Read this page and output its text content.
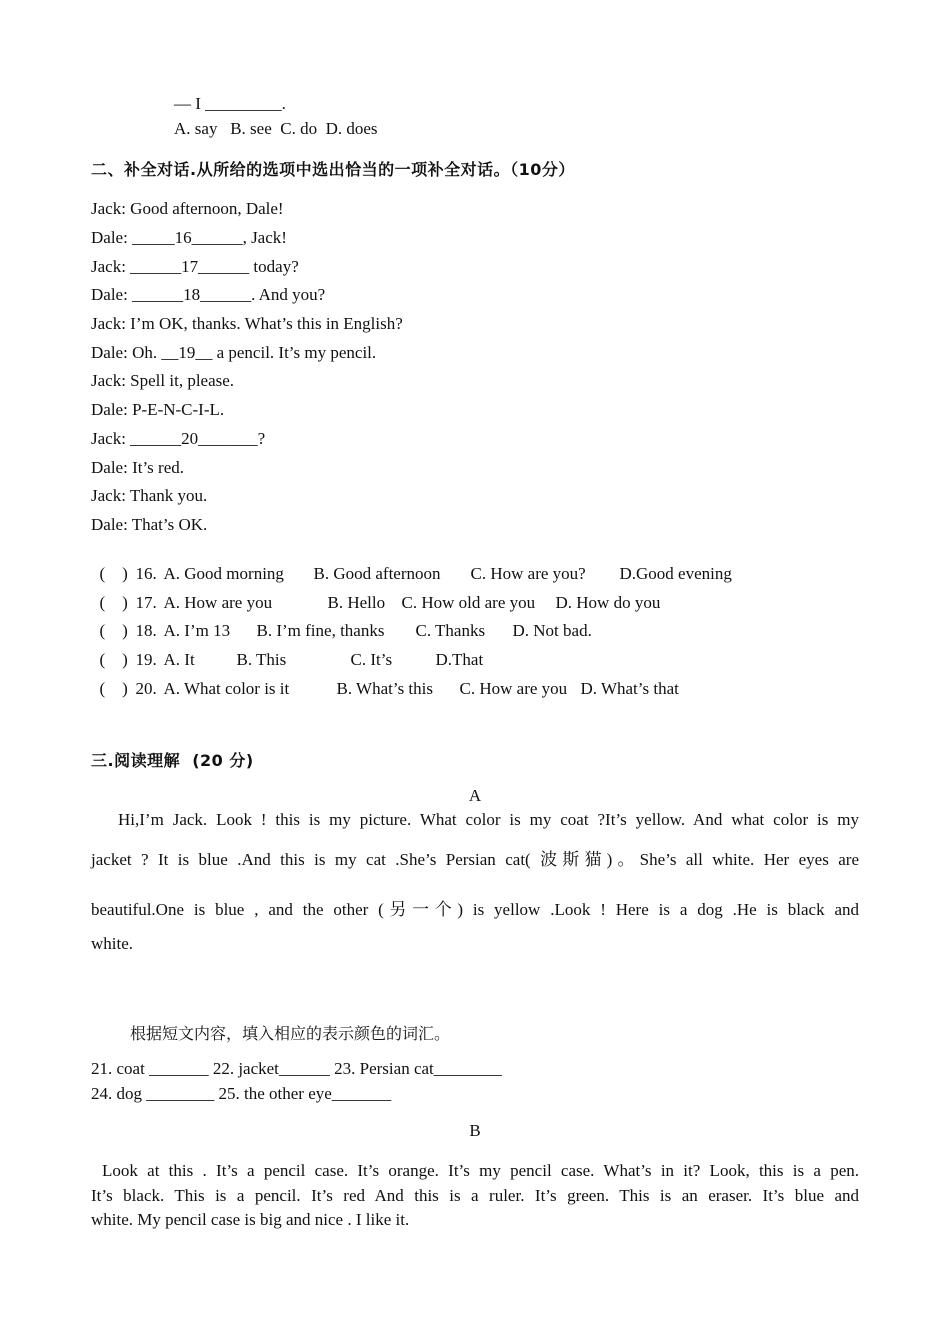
— I _________.
A. say   B. see  C. do  D. does
二、补全对话.从所给的选项中选出恰当的一项补全对话。（10分）
Jack: Good afternoon, Dale!
Dale: _____16______, Jack!
Jack: ______17______ today?
Dale: ______18______. And you?
Jack: I’m OK, thanks. What’s this in English?
Dale: Oh. __19__ a pencil. It’s my pencil.
Jack: Spell it, please.
Dale: P-E-N-C-I-L.
Jack: ______20_______?
Dale: It’s red.
Jack: Thank you.
Dale: That’s OK.

(    ) 16. A. Good morning B. Good afternoon C. How are you? D.Good evening

(    ) 17. A. How are you	B. Hello C. How old are you D. How do you

(    ) 18. A. I’m 13 B. I’m fine, thanks C. Thanks D. Not bad.

(    ) 19. A. It B. This	C. It’s	D.That

(    ) 20. A. What color is it	B. What’s this C. How are you D. What’s that

三.阅读理解  (20 分)
A

Hi,I’m Jack. Look ! this is my picture. What color is my coat ?It’s yellow. And what color is my

jacket ? It is blue .And this is my cat .She’s Persian cat( 波斯猫)。She’s all white. Her eyes are

beautiful.One is blue , and the other (另一个) is yellow .Look ! Here is a dog .He is black and

white.

根据短文内容，填入相应的表示颜色的词汇。
21. coat _______ 22. jacket______ 23. Persian cat________
24. dog ________ 25. the other eye_______
B

Look at this . It’s a pencil case. It’s orange. It’s my pencil case. What’s in it? Look, this is a pen.

It’s black. This is a pencil. It’s red And this is a ruler. It’s green. This is an eraser. It’s blue and

white. My pencil case is big and nice . I like it.
